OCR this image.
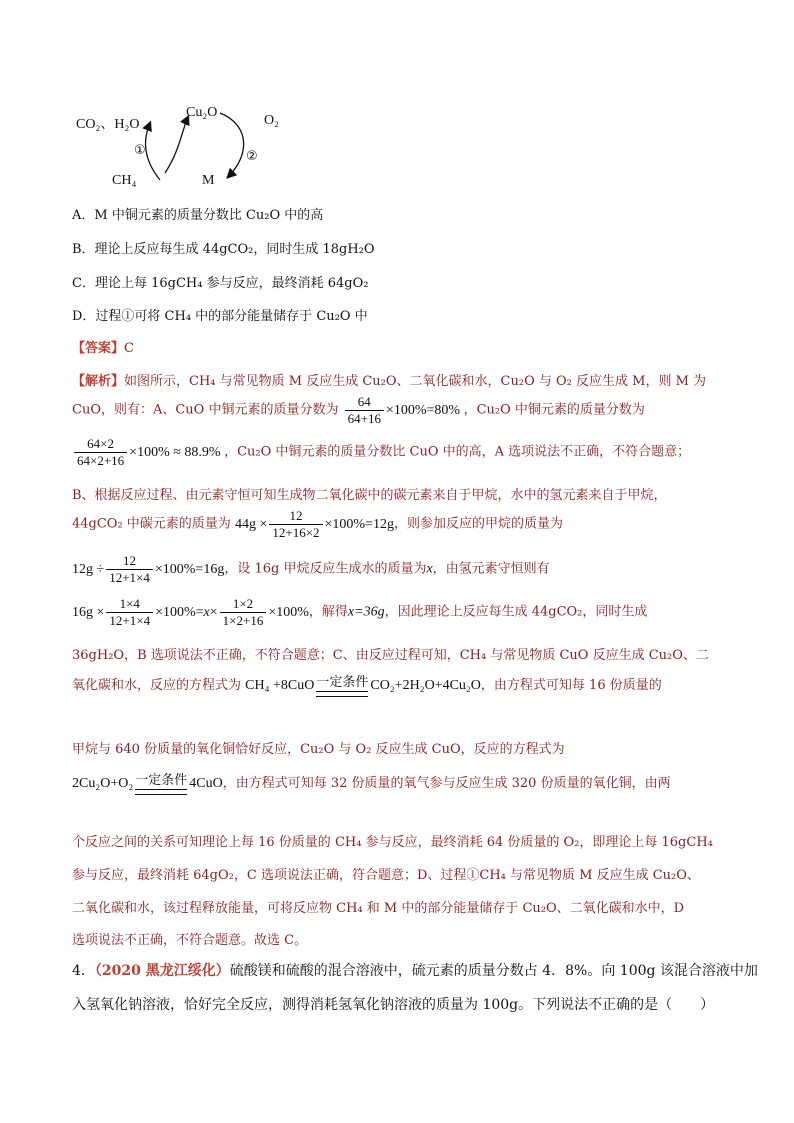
CO₂、H₂O
Cu₂O
O₂
CH₄	M
①	②
A．M 中铜元素的质量分数比 Cu₂O 中的高
B．理论上反应每生成 44gCO₂，同时生成 18gH₂O
C．理论上每 16gCH₄ 参与反应，最终消耗 64gO₂
D．过程①可将 CH₄ 中的部分能量储存于 Cu₂O 中
【答案】C
【解析】如图所示，CH₄ 与常见物质 M 反应生成 Cu₂O、二氧化碳和水，Cu₂O 与 O₂ 反应生成 M，则 M 为
CuO，则有：A、CuO 中铜元素的质量分数为 $\frac{64}{64+16} \times 100\%=80\%$ ，Cu₂O 中铜元素的质量分数为
$\frac{64\times 2}{64\times 2+16} \times 100\% \approx 88.9\%$ ，Cu₂O 中铜元素的质量分数比 CuO 中的高，A 选项说法不正确，不符合题意；
B、根据反应过程、由元素守恒可知生成物二氧化碳中的碳元素来自于甲烷，水中的氢元素来自于甲烷，
44gCO₂ 中碳元素的质量为 $44g \times \frac{12}{12+16\times 2} \times 100\%=12g$，则参加反应的甲烷的质量为
$12g \div \frac{12}{12+1\times 4} \times 100\%=16g$，设 16g 甲烷反应生成水的质量为x，由氢元素守恒则有
$16g \times \frac{1\times 4}{12+1\times 4} \times 100\%=x\times \frac{1\times 2}{1\times 2+16} \times 100\%$，解得x=36g，因此理论上反应每生成 44gCO₂，同时生成
36gH₂O，B 选项说法不正确，不符合题意；C、由反应过程可知，CH₄ 与常见物质 CuO 反应生成 Cu₂O、二
氧化碳和水，反应的方程式为 CH₄ +8CuO 一定条件 CO₂+2H₂O+4Cu₂O，由方程式可知每 16 份质量的
甲烷与 640 份质量的氧化铜恰好反应，Cu₂O 与 O₂ 反应生成 CuO，反应的方程式为
2Cu₂O+O₂ 一定条件 4CuO，由方程式可知每 32 份质量的氧气参与反应生成 320 份质量的氧化铜，由两
个反应之间的关系可知理论上每 16 份质量的 CH₄ 参与反应，最终消耗 64 份质量的 O₂，即理论上每 16gCH₄
参与反应，最终消耗 64gO₂，C 选项说法正确，符合题意；D、过程①CH₄ 与常见物质 M 反应生成 Cu₂O、
二氧化碳和水，该过程释放能量，可将反应物 CH₄ 和 M 中的部分能量储存于 Cu₂O、二氧化碳和水中，D
选项说法不正确，不符合题意。故选 C。
4．（2020 黑龙江绥化）硫酸镁和硫酸的混合溶液中，硫元素的质量分数占 4．8%。向 100g 该混合溶液中加
入氢氧化钠溶液，恰好完全反应，测得消耗氢氧化钠溶液的质量为 100g。下列说法不正确的是（　　）
